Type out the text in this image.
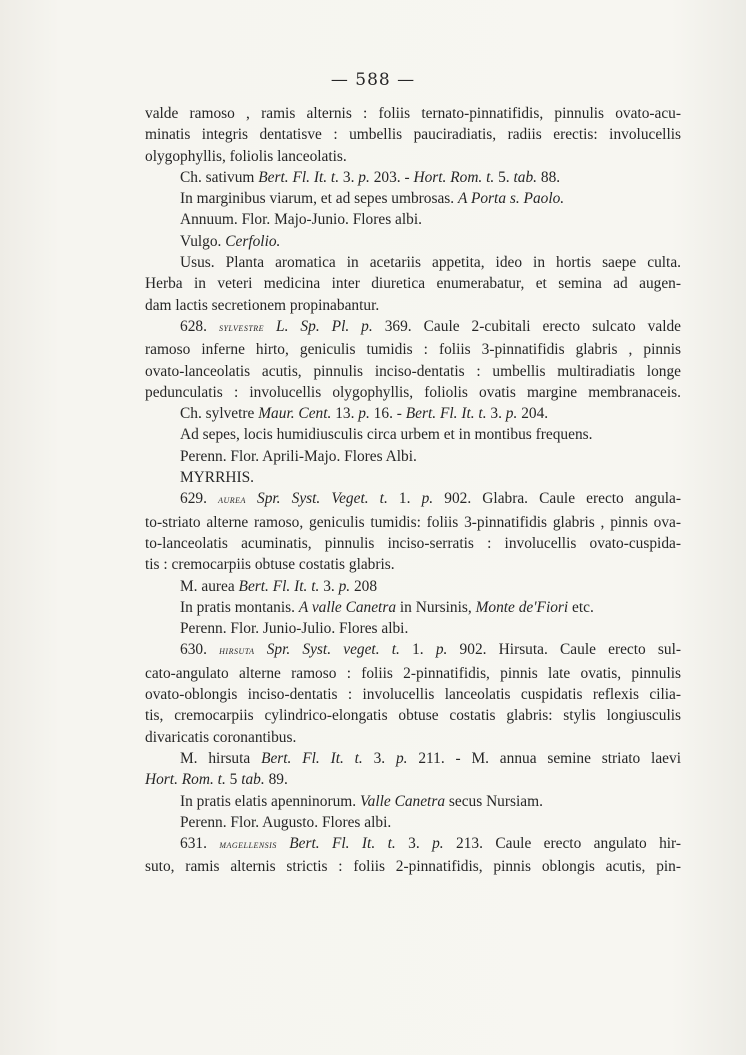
— 588 —
valde ramoso , ramis alternis : foliis ternato-pinnatifidis, pinnulis ovato-acu-
minatis integris dentatisve : umbellis pauciradiatis, radiis erectis: involucellis
olygophyllis, foliolis lanceolatis.
Ch. sativum Bert. Fl. It. t. 3. p. 203. - Hort. Rom. t. 5. tab. 88.
In marginibus viarum, et ad sepes umbrosas. A Porta s. Paolo.
Annuum. Flor. Majo-Junio. Flores albi.
Vulgo. Cerfolio.
Usus. Planta aromatica in acetariis appetita, ideo in hortis saepe culta.
Herba in veteri medicina inter diuretica enumerabatur, et semina ad augen-
dam lactis secretionem propinabantur.
628. sylvestre L. Sp. Pl. p. 369. Caule 2-cubitali erecto sulcato valde
ramoso inferne hirto, geniculis tumidis : foliis 3-pinnatifidis glabris , pinnis
ovato-lanceolatis acutis, pinnulis inciso-dentatis : umbellis multiradiatis longe
pedunculatis : involucellis olygophyllis, foliolis ovatis margine membranaceis.
Ch. sylvetre Maur. Cent. 13. p. 16. - Bert. Fl. It. t. 3. p. 204.
Ad sepes, locis humidiusculis circa urbem et in montibus frequens.
Perenn. Flor. Aprili-Majo. Flores Albi.
MYRRHIS.
629. aurea Spr. Syst. Veget. t. 1. p. 902. Glabra. Caule erecto angula-
to-striato alterne ramoso, geniculis tumidis: foliis 3-pinnatifidis glabris , pinnis ova-
to-lanceolatis acuminatis, pinnulis inciso-serratis : involucellis ovato-cuspida-
tis : cremocarpiis obtuse costatis glabris.
M. aurea Bert. Fl. It. t. 3. p. 208
In pratis montanis. A valle Canetra in Nursinis, Monte de'Fiori etc.
Perenn. Flor. Junio-Julio. Flores albi.
630. hirsuta Spr. Syst. veget. t. 1. p. 902. Hirsuta. Caule erecto sul-
cato-angulato alterne ramoso : foliis 2-pinnatifidis, pinnis late ovatis, pinnulis
ovato-oblongis inciso-dentatis : involucellis lanceolatis cuspidatis reflexis cilia-
tis, cremocarpiis cylindrico-elongatis obtuse costatis glabris: stylis longiusculis
divaricatis coronantibus.
M. hirsuta Bert. Fl. It. t. 3. p. 211. - M. annua semine striato laevi
Hort. Rom. t. 5 tab. 89.
In pratis elatis apenninorum. Valle Canetra secus Nursiam.
Perenn. Flor. Augusto. Flores albi.
631. magellensis Bert. Fl. It. t. 3. p. 213. Caule erecto angulato hir-
suto, ramis alternis strictis : foliis 2-pinnatifidis, pinnis oblongis acutis, pin-
